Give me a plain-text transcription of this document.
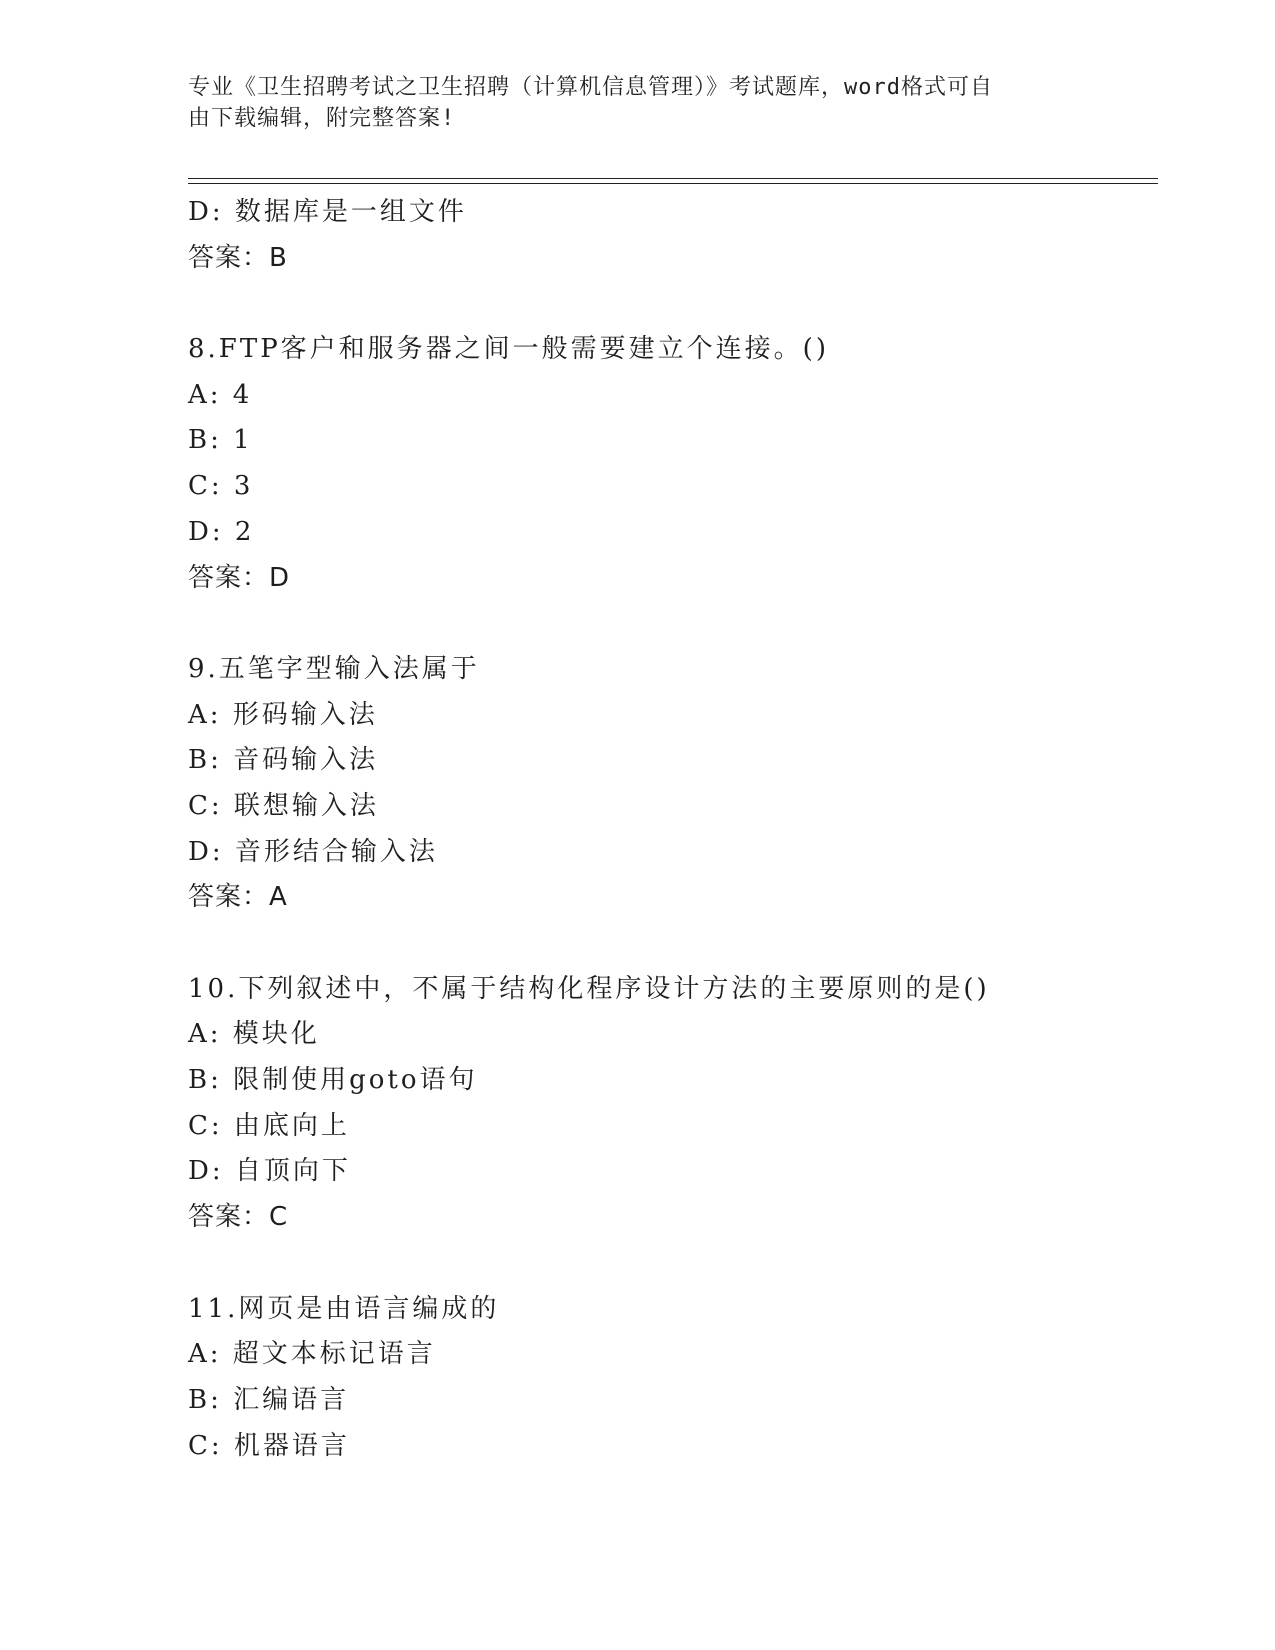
专业《卫生招聘考试之卫生招聘（计算机信息管理）》考试题库，word格式可自
由下载编辑，附完整答案!
D: 数据库是一组文件
答案：B
8.FTP客户和服务器之间一般需要建立个连接。()
A: 4
B: 1
C: 3
D: 2
答案：D
9.五笔字型输入法属于
A: 形码输入法
B: 音码输入法
C: 联想输入法
D: 音形结合输入法
答案：A
10.下列叙述中，不属于结构化程序设计方法的主要原则的是()
A: 模块化
B: 限制使用goto语句
C: 由底向上
D: 自顶向下
答案：C
11.网页是由语言编成的
A: 超文本标记语言
B: 汇编语言
C: 机器语言
